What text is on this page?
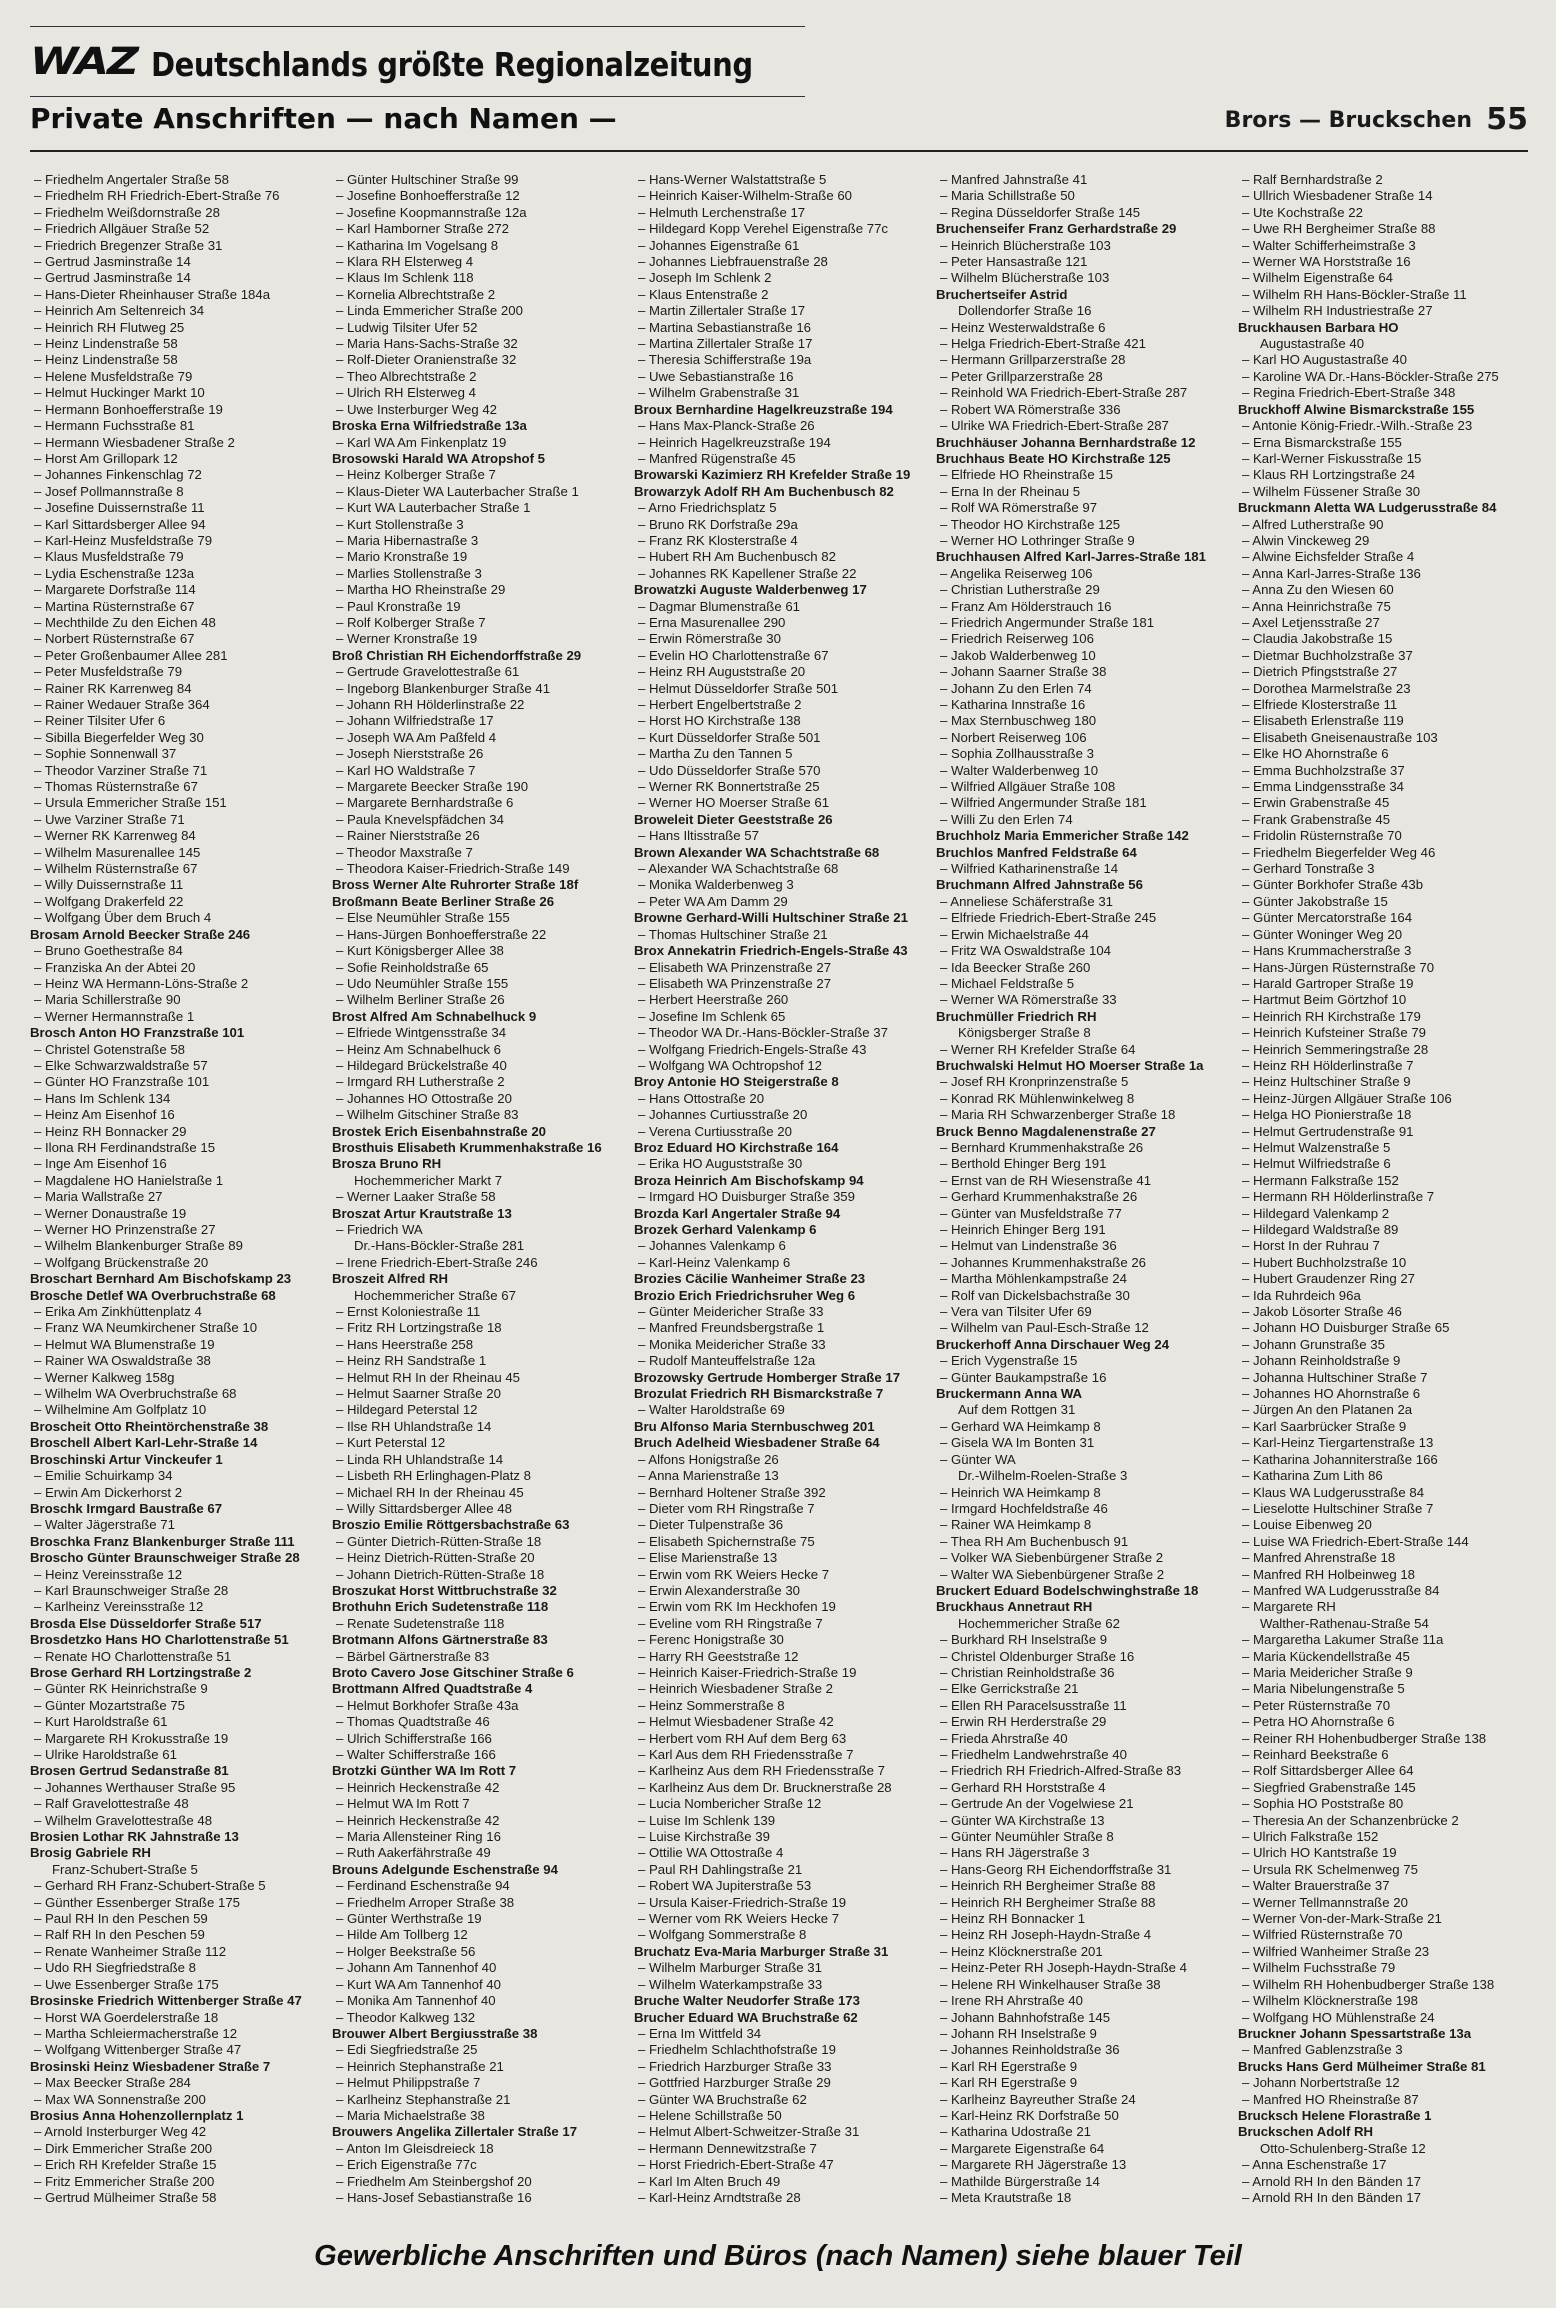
WAZ Deutschlands größte Regionalzeitung
Private Anschriften — nach Namen —	Brors — Bruckschen 55
– Friedhelm Angertaler Straße 58
– Friedhelm RH Friedrich-Ebert-Straße 76
– Friedhelm Weißdornstraße 28
– Friedrich Allgäuer Straße 52
– Friedrich Bregenzer Straße 31
– Gertrud Jasminstraße 14
– Gertrud Jasminstraße 14
– Hans-Dieter Rheinhauser Straße 184a
– Heinrich Am Seltenreich 34
– Heinrich RH Flutweg 25
– Heinz Lindenstraße 58
– Heinz Lindenstraße 58
– Helene Musfeldstraße 79
– Helmut Huckinger Markt 10
– Hermann Bonhoefferstraße 19
– Hermann Fuchsstraße 81
– Hermann Wiesbadener Straße 2
– Horst Am Grillopark 12
– Johannes Finkenschlag 72
– Josef Pollmannstraße 8
– Josefine Duissernstraße 11
– Karl Sittardsberger Allee 94
– Karl-Heinz Musfeldstraße 79
– Klaus Musfeldstraße 79
– Lydia Eschenstraße 123a
– Margarete Dorfstraße 114
– Martina Rüsternstraße 67
– Mechthilde Zu den Eichen 48
– Norbert Rüsternstraße 67
– Peter Großenbaumer Allee 281
– Peter Musfeldstraße 79
– Rainer RK Karrenweg 84
– Rainer Wedauer Straße 364
– Reiner Tilsiter Ufer 6
– Sibilla Biegerfelder Weg 30
– Sophie Sonnenwall 37
– Theodor Varziner Straße 71
– Thomas Rüsternstraße 67
– Ursula Emmericher Straße 151
– Uwe Varziner Straße 71
– Werner RK Karrenweg 84
– Wilhelm Masurenallee 145
– Wilhelm Rüsternstraße 67
– Willy Duissernstraße 11
– Wolfgang Drakerfeld 22
– Wolfgang Über dem Bruch 4
Brosam Arnold Beecker Straße 246
– Bruno Goethestraße 84
– Franziska An der Abtei 20
– Heinz WA Hermann-Löns-Straße 2
– Maria Schillerstraße 90
– Werner Hermannstraße 1
Brosch Anton HO Franzstraße 101
– Christel Gotenstraße 58
– Elke Schwarzwaldstraße 57
– Günter HO Franzstraße 101
– Hans Im Schlenk 134
– Heinz Am Eisenhof 16
– Heinz RH Bonnacker 29
– Ilona RH Ferdinandstraße 15
– Inge Am Eisenhof 16
– Magdalene HO Hanielstraße 1
– Maria Wallstraße 27
– Werner Donaustraße 19
– Werner HO Prinzenstraße 27
– Wilhelm Blankenburger Straße 89
– Wolfgang Brückenstraße 20
Broschart Bernhard Am Bischofskamp 23
Brosche Detlef WA Overbruchstraße 68
– Erika Am Zinkhüttenplatz 4
– Franz WA Neumkirchener Straße 10
– Helmut WA Blumenstraße 19
– Rainer WA Oswaldstraße 38
– Werner Kalkweg 158g
– Wilhelm WA Overbruchstraße 68
– Wilhelmine Am Golfplatz 10
Broscheit Otto Rheintörchenstraße 38
Broschell Albert Karl-Lehr-Straße 14
Broschinski Artur Vinckeufer 1
– Emilie Schuirkamp 34
– Erwin Am Dickerhorst 2
Broschk Irmgard Baustraße 67
– Walter Jägerstraße 71
Broschka Franz Blankenburger Straße 111
Broscho Günter Braunschweiger Straße 28
– Heinz Vereinsstraße 12
– Karl Braunschweiger Straße 28
– Karlheinz Vereinsstraße 12
Brosda Else Düsseldorfer Straße 517
Brosdetzko Hans HO Charlottenstraße 51
– Renate HO Charlottenstraße 51
Brose Gerhard RH Lortzingstraße 2
– Günter RK Heinrichstraße 9
– Günter Mozartstraße 75
– Kurt Haroldstraße 61
– Margarete RH Krokusstraße 19
– Ulrike Haroldstraße 61
Brosen Gertrud Sedanstraße 81
– Johannes Werthauser Straße 95
– Ralf Gravelottestraße 48
– Wilhelm Gravelottestraße 48
Brosien Lothar RK Jahnstraße 13
Brosig Gabriele RH
Franz-Schubert-Straße 5
– Gerhard RH Franz-Schubert-Straße 5
– Günther Essenberger Straße 175
– Paul RH In den Peschen 59
– Ralf RH In den Peschen 59
– Renate Wanheimer Straße 112
– Udo RH Siegfriedstraße 8
– Uwe Essenberger Straße 175
Brosinske Friedrich Wittenberger Straße 47
– Horst WA Goerdelerstraße 18
– Martha Schleiermacherstraße 12
– Wolfgang Wittenberger Straße 47
Brosinski Heinz Wiesbadener Straße 7
– Max Beecker Straße 284
– Max WA Sonnenstraße 200
Brosius Anna Hohenzollernplatz 1
– Arnold Insterburger Weg 42
– Dirk Emmericher Straße 200
– Erich RH Krefelder Straße 15
– Fritz Emmericher Straße 200
– Gertrud Mülheimer Straße 58
– Günter Hultschiner Straße 99
– Josefine Bonhoefferstraße 12
– Josefine Koopmannstraße 12a
– Karl Hamborner Straße 272
– Katharina Im Vogelsang 8
– Klara RH Elsterweg 4
– Klaus Im Schlenk 118
– Kornelia Albrechtstraße 2
– Linda Emmericher Straße 200
– Ludwig Tilsiter Ufer 52
– Maria Hans-Sachs-Straße 32
– Rolf-Dieter Oranienstraße 32
– Theo Albrechtstraße 2
– Ulrich RH Elsterweg 4
– Uwe Insterburger Weg 42
Broska Erna Wilfriedstraße 13a
– Karl WA Am Finkenplatz 19
Brosowski Harald WA Atropshof 5
– Heinz Kolberger Straße 7
– Klaus-Dieter WA Lauterbacher Straße 1
– Kurt WA Lauterbacher Straße 1
– Kurt Stollenstraße 3
– Maria Hibernastraße 3
– Mario Kronstraße 19
– Marlies Stollenstraße 3
– Martha HO Rheinstraße 29
– Paul Kronstraße 19
– Rolf Kolberger Straße 7
– Werner Kronstraße 19
Broß Christian RH Eichendorffstraße 29
– Gertrude Gravelottestraße 61
– Ingeborg Blankenburger Straße 41
– Johann RH Hölderlinstraße 22
– Johann Wilfriedstraße 17
– Joseph WA Am Paßfeld 4
– Joseph Nierststraße 26
– Karl HO Waldstraße 7
– Margarete Beecker Straße 190
– Margarete Bernhardstraße 6
– Paula Knevelspfädchen 34
– Rainer Nierststraße 26
– Theodor Maxstraße 7
– Theodora Kaiser-Friedrich-Straße 149
Bross Werner Alte Ruhrorter Straße 18f
Broßmann Beate Berliner Straße 26
– Else Neumühler Straße 155
– Hans-Jürgen Bonhoefferstraße 22
– Kurt Königsberger Allee 38
– Sofie Reinholdstraße 65
– Udo Neumühler Straße 155
– Wilhelm Berliner Straße 26
Brost Alfred Am Schnabelhuck 9
– Elfriede Wintgensstraße 34
– Heinz Am Schnabelhuck 6
– Hildegard Brückelstraße 40
– Irmgard RH Lutherstraße 2
– Johannes HO Ottostraße 20
– Wilhelm Gitschiner Straße 83
Brostek Erich Eisenbahnstraße 20
Brosthuis Elisabeth Krummenhakstraße 16
Brosza Bruno RH
Hochemmericher Markt 7
– Werner Laaker Straße 58
Broszat Artur Krautstraße 13
– Friedrich WA
Dr.-Hans-Böckler-Straße 281
– Irene Friedrich-Ebert-Straße 246
Broszeit Alfred RH
Hochemmericher Straße 67
– Ernst Koloniestraße 11
– Fritz RH Lortzingstraße 18
– Hans Heerstraße 258
– Heinz RH Sandstraße 1
– Helmut RH In der Rheinau 45
– Helmut Saarner Straße 20
– Hildegard Peterstal 12
– Ilse RH Uhlandstraße 14
– Kurt Peterstal 12
– Linda RH Uhlandstraße 14
– Lisbeth RH Erlinghagen-Platz 8
– Michael RH In der Rheinau 45
– Willy Sittardsberger Allee 48
Broszio Emilie Röttgersbachstraße 63
– Günter Dietrich-Rütten-Straße 18
– Heinz Dietrich-Rütten-Straße 20
– Johann Dietrich-Rütten-Straße 18
Broszukat Horst Wittbruchstraße 32
Brothuhn Erich Sudetenstraße 118
– Renate Sudetenstraße 118
Brotmann Alfons Gärtnerstraße 83
– Bärbel Gärtnerstraße 83
Broto Cavero Jose Gitschiner Straße 6
Brottmann Alfred Quadtstraße 4
– Helmut Borkhofer Straße 43a
– Thomas Quadtstraße 46
– Ulrich Schifferstraße 166
– Walter Schifferstraße 166
Brotzki Günther WA Im Rott 7
– Heinrich Heckenstraße 42
– Helmut WA Im Rott 7
– Heinrich Heckenstraße 42
– Maria Allensteiner Ring 16
– Ruth Aakerfährstraße 49
Brouns Adelgunde Eschenstraße 94
– Ferdinand Eschenstraße 94
– Friedhelm Arroper Straße 38
– Günter Werthstraße 19
– Hilde Am Tollberg 12
– Holger Beekstraße 56
– Johann Am Tannenhof 40
– Kurt WA Am Tannenhof 40
– Monika Am Tannenhof 40
– Theodor Kalkweg 132
Brouwer Albert Bergiusstraße 38
– Edi Siegfriedstraße 25
– Heinrich Stephanstraße 21
– Helmut Philippstraße 7
– Karlheinz Stephanstraße 21
– Maria Michaelstraße 38
Brouwers Angelika Zillertaler Straße 17
– Anton Im Gleisdreieck 18
– Erich Eigenstraße 77c
– Friedhelm Am Steinbergshof 20
– Hans-Josef Sebastianstraße 16
– Hans-Werner Walstattstraße 5
– Heinrich Kaiser-Wilhelm-Straße 60
– Helmuth Lerchenstraße 17
– Hildegard Kopp Verehel Eigenstraße 77c
– Johannes Eigenstraße 61
– Johannes Liebfrauenstraße 28
– Joseph Im Schlenk 2
– Klaus Entenstraße 2
– Martin Zillertaler Straße 17
– Martina Sebastianstraße 16
– Martina Zillertaler Straße 17
– Theresia Schifferstraße 19a
– Uwe Sebastianstraße 16
– Wilhelm Grabenstraße 31
Broux Bernhardine Hagelkreuzstraße 194
– Hans Max-Planck-Straße 26
– Heinrich Hagelkreuzstraße 194
– Manfred Rügenstraße 45
Browarski Kazimierz RH Krefelder Straße 19
Browarzyk Adolf RH Am Buchenbusch 82
– Arno Friedrichsplatz 5
– Bruno RK Dorfstraße 29a
– Franz RK Klosterstraße 4
– Hubert RH Am Buchenbusch 82
– Johannes RK Kapellener Straße 22
Browatzki Auguste Walderbenweg 17
– Dagmar Blumenstraße 61
– Erna Masurenallee 290
– Erwin Römerstraße 30
– Evelin HO Charlottenstraße 67
– Heinz RH Auguststraße 20
– Helmut Düsseldorfer Straße 501
– Herbert Engelbertstraße 2
– Horst HO Kirchstraße 138
– Kurt Düsseldorfer Straße 501
– Martha Zu den Tannen 5
– Udo Düsseldorfer Straße 570
– Werner RK Bonnertstraße 25
– Werner HO Moerser Straße 61
Broweleit Dieter Geeststraße 26
– Hans Iltisstraße 57
Brown Alexander WA Schachtstraße 68
– Alexander WA Schachtstraße 68
– Monika Walderbenweg 3
– Peter WA Am Damm 29
Browne Gerhard-Willi Hultschiner Straße 21
– Thomas Hultschiner Straße 21
Brox Annekatrin Friedrich-Engels-Straße 43
– Elisabeth WA Prinzenstraße 27
– Elisabeth WA Prinzenstraße 27
– Herbert Heerstraße 260
– Josefine Im Schlenk 65
– Theodor WA Dr.-Hans-Böckler-Straße 37
– Wolfgang Friedrich-Engels-Straße 43
– Wolfgang WA Ochtropshof 12
Broy Antonie HO Steigerstraße 8
– Hans Ottostraße 20
– Johannes Curtiusstraße 20
– Verena Curtiusstraße 20
Broz Eduard HO Kirchstraße 164
– Erika HO Auguststraße 30
Broza Heinrich Am Bischofskamp 94
– Irmgard HO Duisburger Straße 359
Brozda Karl Angertaler Straße 94
Brozek Gerhard Valenkamp 6
– Johannes Valenkamp 6
– Karl-Heinz Valenkamp 6
Brozies Cäcilie Wanheimer Straße 23
Brozio Erich Friedrichsruher Weg 6
– Günter Meidericher Straße 33
– Manfred Freundsbergstraße 1
– Monika Meidericher Straße 33
– Rudolf Manteuffelstraße 12a
Brozowsky Gertrude Homberger Straße 17
Brozulat Friedrich RH Bismarckstraße 7
– Walter Haroldstraße 69
Bru Alfonso Maria Sternbuschweg 201
Bruch Adelheid Wiesbadener Straße 64
– Alfons Honigstraße 26
– Anna Marienstraße 13
– Bernhard Holtener Straße 392
– Dieter vom RH Ringstraße 7
– Dieter Tulpenstraße 36
– Elisabeth Spichernstraße 75
– Elise Marienstraße 13
– Erwin vom RK Weiers Hecke 7
– Erwin Alexanderstraße 30
– Erwin vom RK Im Heckhofen 19
– Eveline vom RH Ringstraße 7
– Ferenc Honigstraße 30
– Harry RH Geeststraße 12
– Heinrich Kaiser-Friedrich-Straße 19
– Heinrich Wiesbadener Straße 2
– Heinz Sommerstraße 8
– Helmut Wiesbadener Straße 42
– Herbert vom RH Auf dem Berg 63
– Karl Aus dem RH Friedensstraße 7
– Karlheinz Aus dem RH Friedensstraße 7
– Karlheinz Aus dem Dr. Brucknerstraße 28
– Lucia Nombericher Straße 12
– Luise Im Schlenk 139
– Luise Kirchstraße 39
– Ottilie WA Ottostraße 4
– Paul RH Dahlingstraße 21
– Robert WA Jupiterstraße 53
– Ursula Kaiser-Friedrich-Straße 19
– Werner vom RK Weiers Hecke 7
– Wolfgang Sommerstraße 8
Bruchatz Eva-Maria Marburger Straße 31
– Wilhelm Marburger Straße 31
– Wilhelm Waterkampstraße 33
Bruche Walter Neudorfer Straße 173
Brucher Eduard WA Bruchstraße 62
– Erna Im Wittfeld 34
– Friedhelm Schlachthofstraße 19
– Friedrich Harzburger Straße 33
– Gottfried Harzburger Straße 29
– Günter WA Bruchstraße 62
– Helene Schillstraße 50
– Helmut Albert-Schweitzer-Straße 31
– Hermann Dennewitzstraße 7
– Horst Friedrich-Ebert-Straße 47
– Karl Im Alten Bruch 49
– Karl-Heinz Arndtstraße 28
– Manfred Jahnstraße 41
– Maria Schillstraße 50
– Regina Düsseldorfer Straße 145
Bruchenseifer Franz Gerhardstraße 29
– Heinrich Blücherstraße 103
– Peter Hansastraße 121
– Wilhelm Blücherstraße 103
Bruchertseifer Astrid
Dollendorfer Straße 16
– Heinz Westerwaldstraße 6
– Helga Friedrich-Ebert-Straße 421
– Hermann Grillparzerstraße 28
– Peter Grillparzerstraße 28
– Reinhold WA Friedrich-Ebert-Straße 287
– Robert WA Römerstraße 336
– Ulrike WA Friedrich-Ebert-Straße 287
Bruchhäuser Johanna Bernhardstraße 12
Bruchhaus Beate HO Kirchstraße 125
– Elfriede HO Rheinstraße 15
– Erna In der Rheinau 5
– Rolf WA Römerstraße 97
– Theodor HO Kirchstraße 125
– Werner HO Lothringer Straße 9
Bruchhausen Alfred Karl-Jarres-Straße 181
– Angelika Reiserweg 106
– Christian Lutherstraße 29
– Franz Am Hölderstrauch 16
– Friedrich Angermunder Straße 181
– Friedrich Reiserweg 106
– Jakob Walderbenweg 10
– Johann Saarner Straße 38
– Johann Zu den Erlen 74
– Katharina Innstraße 16
– Max Sternbuschweg 180
– Norbert Reiserweg 106
– Sophia Zollhausstraße 3
– Walter Walderbenweg 10
– Wilfried Allgäuer Straße 108
– Wilfried Angermunder Straße 181
– Willi Zu den Erlen 74
Bruchholz Maria Emmericher Straße 142
Bruchlos Manfred Feldstraße 64
– Wilfried Katharinenstraße 14
Bruchmann Alfred Jahnstraße 56
– Anneliese Schäferstraße 31
– Elfriede Friedrich-Ebert-Straße 245
– Erwin Michaelstraße 44
– Fritz WA Oswaldstraße 104
– Ida Beecker Straße 260
– Michael Feldstraße 5
– Werner WA Römerstraße 33
Bruchmüller Friedrich RH
Königsberger Straße 8
– Werner RH Krefelder Straße 64
Bruchwalski Helmut HO Moerser Straße 1a
– Josef RH Kronprinzenstraße 5
– Konrad RK Mühlenwinkelweg 8
– Maria RH Schwarzenberger Straße 18
Bruck Benno Magdalenenstraße 27
– Bernhard Krummenhakstraße 26
– Berthold Ehinger Berg 191
– Ernst van de RH Wiesenstraße 41
– Gerhard Krummenhakstraße 26
– Günter van Musfeldstraße 77
– Heinrich Ehinger Berg 191
– Helmut van Lindenstraße 36
– Johannes Krummenhakstraße 26
– Martha Möhlenkampstraße 24
– Rolf van Dickelsbachstraße 30
– Vera van Tilsiter Ufer 69
– Wilhelm van Paul-Esch-Straße 12
Bruckerhoff Anna Dirschauer Weg 24
– Erich Vygenstraße 15
– Günter Baukampstraße 16
Bruckermann Anna WA
Auf dem Rottgen 31
– Gerhard WA Heimkamp 8
– Gisela WA Im Bonten 31
– Günter WA
Dr.-Wilhelm-Roelen-Straße 3
– Heinrich WA Heimkamp 8
– Irmgard Hochfeldstraße 46
– Rainer WA Heimkamp 8
– Thea RH Am Buchenbusch 91
– Volker WA Siebenbürgener Straße 2
– Walter WA Siebenbürgener Straße 2
Bruckert Eduard Bodelschwinghstraße 18
Bruckhaus Annetraut RH
Hochemmericher Straße 62
– Burkhard RH Inselstraße 9
– Christel Oldenburger Straße 16
– Christian Reinholdstraße 36
– Elke Gerrickstraße 21
– Ellen RH Paracelsusstraße 11
– Erwin RH Herderstraße 29
– Frieda Ahrstraße 40
– Friedhelm Landwehrstraße 40
– Friedrich RH Friedrich-Alfred-Straße 83
– Gerhard RH Horststraße 4
– Gertrude An der Vogelwiese 21
– Günter WA Kirchstraße 13
– Günter Neumühler Straße 8
– Hans RH Jägerstraße 3
– Hans-Georg RH Eichendorffstraße 31
– Heinrich RH Bergheimer Straße 88
– Heinrich RH Bergheimer Straße 88
– Heinz RH Bonnacker 1
– Heinz RH Joseph-Haydn-Straße 4
– Heinz Klöcknerstraße 201
– Heinz-Peter RH Joseph-Haydn-Straße 4
– Helene RH Winkelhauser Straße 38
– Irene RH Ahrstraße 40
– Johann Bahnhofstraße 145
– Johann RH Inselstraße 9
– Johannes Reinholdstraße 36
– Karl RH Egerstraße 9
– Karl RH Egerstraße 9
– Karlheinz Bayreuther Straße 24
– Karl-Heinz RK Dorfstraße 50
– Katharina Udostraße 21
– Margarete Eigenstraße 64
– Margarete RH Jägerstraße 13
– Mathilde Bürgerstraße 14
– Meta Krautstraße 18
– Ralf Bernhardstraße 2
– Ullrich Wiesbadener Straße 14
– Ute Kochstraße 22
– Uwe RH Bergheimer Straße 88
– Walter Schifferheimstraße 3
– Werner WA Horststraße 16
– Wilhelm Eigenstraße 64
– Wilhelm RH Hans-Böckler-Straße 11
– Wilhelm RH Industriestraße 27
Bruckhausen Barbara HO
Augustastraße 40
– Karl HO Augustastraße 40
– Karoline WA Dr.-Hans-Böckler-Straße 275
– Regina Friedrich-Ebert-Straße 348
Bruckhoff Alwine Bismarckstraße 155
– Antonie König-Friedr.-Wilh.-Straße 23
– Erna Bismarckstraße 155
– Karl-Werner Fiskusstraße 15
– Klaus RH Lortzingstraße 24
– Wilhelm Füssener Straße 30
Bruckmann Aletta WA Ludgerusstraße 84
– Alfred Lutherstraße 90
– Alwin Vinckeweg 29
– Alwine Eichsfelder Straße 4
– Anna Karl-Jarres-Straße 136
– Anna Zu den Wiesen 60
– Anna Heinrichstraße 75
– Axel Letjensstraße 27
– Claudia Jakobstraße 15
– Dietmar Buchholzstraße 37
– Dietrich Pfingststraße 27
– Dorothea Marmelstraße 23
– Elfriede Klosterstraße 11
– Elisabeth Erlenstraße 119
– Elisabeth Gneisenaustraße 103
– Elke HO Ahornstraße 6
– Emma Buchholzstraße 37
– Emma Lindgensstraße 34
– Erwin Grabenstraße 45
– Frank Grabenstraße 45
– Fridolin Rüsternstraße 70
– Friedhelm Biegerfelder Weg 46
– Gerhard Tonstraße 3
– Günter Borkhofer Straße 43b
– Günter Jakobstraße 15
– Günter Mercatorstraße 164
– Günter Woninger Weg 20
– Hans Krummacherstraße 3
– Hans-Jürgen Rüsternstraße 70
– Harald Gartroper Straße 19
– Hartmut Beim Görtzhof 10
– Heinrich RH Kirchstraße 179
– Heinrich Kufsteiner Straße 79
– Heinrich Semmeringstraße 28
– Heinz RH Hölderlinstraße 7
– Heinz Hultschiner Straße 9
– Heinz-Jürgen Allgäuer Straße 106
– Helga HO Pionierstraße 18
– Helmut Gertrudenstraße 91
– Helmut Walzenstraße 5
– Helmut Wilfriedstraße 6
– Hermann Falkstraße 152
– Hermann RH Hölderlinstraße 7
– Hildegard Valenkamp 2
– Hildegard Waldstraße 89
– Horst In der Ruhrau 7
– Hubert Buchholzstraße 10
– Hubert Graudenzer Ring 27
– Ida Ruhrdeich 96a
– Jakob Lösorter Straße 46
– Johann HO Duisburger Straße 65
– Johann Grunstraße 35
– Johann Reinholdstraße 9
– Johanna Hultschiner Straße 7
– Johannes HO Ahornstraße 6
– Jürgen An den Platanen 2a
– Karl Saarbrücker Straße 9
– Karl-Heinz Tiergartenstraße 13
– Katharina Johanniterstraße 166
– Katharina Zum Lith 86
– Klaus WA Ludgerusstraße 84
– Lieselotte Hultschiner Straße 7
– Louise Eibenweg 20
– Luise WA Friedrich-Ebert-Straße 144
– Manfred Ahrenstraße 18
– Manfred RH Holbeinweg 18
– Manfred WA Ludgerusstraße 84
– Margarete RH
Walther-Rathenau-Straße 54
– Margaretha Lakumer Straße 11a
– Maria Kückendellstraße 45
– Maria Meidericher Straße 9
– Maria Nibelungenstraße 5
– Peter Rüsternstraße 70
– Petra HO Ahornstraße 6
– Reiner RH Hohenbudberger Straße 138
– Reinhard Beekstraße 6
– Rolf Sittardsberger Allee 64
– Siegfried Grabenstraße 145
– Sophia HO Poststraße 80
– Theresia An der Schanzenbrücke 2
– Ulrich Falkstraße 152
– Ulrich HO Kantstraße 19
– Ursula RK Schelmenweg 75
– Walter Brauerstraße 37
– Werner Tellmannstraße 20
– Werner Von-der-Mark-Straße 21
– Wilfried Rüsternstraße 70
– Wilfried Wanheimer Straße 23
– Wilhelm Fuchsstraße 79
– Wilhelm RH Hohenbudberger Straße 138
– Wilhelm Klöcknerstraße 198
– Wolfgang HO Mühlenstraße 24
Bruckner Johann Spessartstraße 13a
– Manfred Gablenzstraße 3
Brucks Hans Gerd Mülheimer Straße 81
– Johann Norbertstraße 12
– Manfred HO Rheinstraße 87
Brucksch Helene Florastraße 1
Bruckschen Adolf RH
Otto-Schulenberg-Straße 12
– Anna Eschenstraße 17
– Arnold RH In den Bänden 17
– Arnold RH In den Bänden 17
Gewerbliche Anschriften und Büros (nach Namen) siehe blauer Teil
